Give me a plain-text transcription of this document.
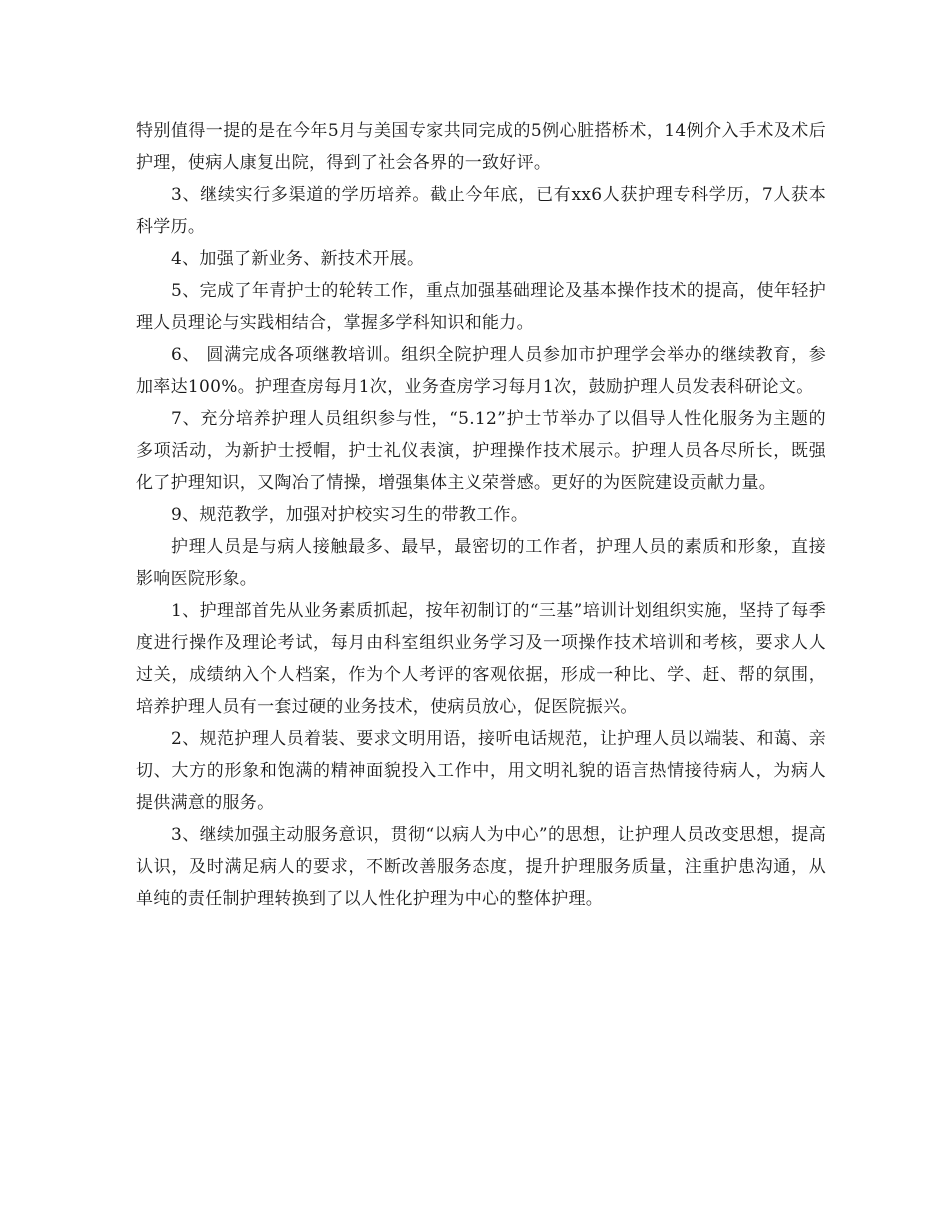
特别值得一提的是在今年5月与美国专家共同完成的5例心脏搭桥术，14例介入手术及术后护理，使病人康复出院，得到了社会各界的一致好评。

3、继续实行多渠道的学历培养。截止今年底，已有xx6人获护理专科学历，7人获本科学历。

4、加强了新业务、新技术开展。

5、完成了年青护士的轮转工作，重点加强基础理论及基本操作技术的提高，使年轻护理人员理论与实践相结合，掌握多学科知识和能力。

6、 圆满完成各项继教培训。组织全院护理人员参加市护理学会举办的继续教育，参加率达100%。护理查房每月1次，业务查房学习每月1次，鼓励护理人员发表科研论文。

7、充分培养护理人员组织参与性，“5.12”护士节举办了以倡导人性化服务为主题的多项活动，为新护士授帽，护士礼仪表演，护理操作技术展示。护理人员各尽所长，既强化了护理知识，又陶冶了情操，增强集体主义荣誉感。更好的为医院建设贡献力量。

9、规范教学，加强对护校实习生的带教工作。

护理人员是与病人接触最多、最早，最密切的工作者，护理人员的素质和形象，直接影响医院形象。

1、护理部首先从业务素质抓起，按年初制订的“三基”培训计划组织实施，坚持了每季度进行操作及理论考试，每月由科室组织业务学习及一项操作技术培训和考核，要求人人过关，成绩纳入个人档案，作为个人考评的客观依据，形成一种比、学、赶、帮的氛围，培养护理人员有一套过硬的业务技术，使病员放心，促医院振兴。

2、规范护理人员着装、要求文明用语，接听电话规范，让护理人员以端装、和蔼、亲切、大方的形象和饱满的精神面貌投入工作中，用文明礼貌的语言热情接待病人，为病人提供满意的服务。

3、继续加强主动服务意识，贯彻“以病人为中心”的思想，让护理人员改变思想，提高认识，及时满足病人的要求，不断改善服务态度，提升护理服务质量，注重护患沟通，从单纯的责任制护理转换到了以人性化护理为中心的整体护理。
